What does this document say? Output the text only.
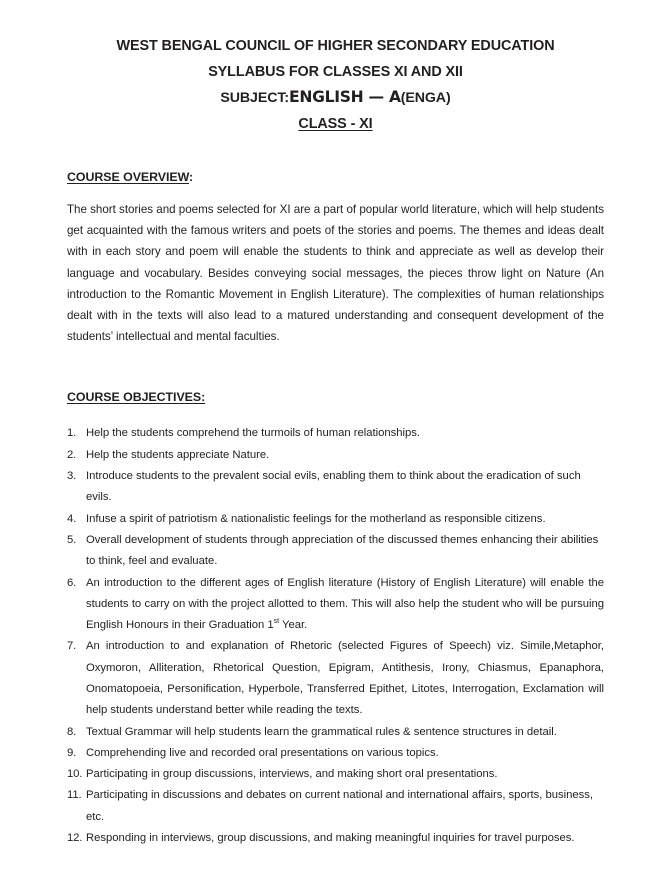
WEST BENGAL COUNCIL OF HIGHER SECONDARY EDUCATION
SYLLABUS FOR CLASSES XI AND XII
SUBJECT:ENGLISH — A(ENGA)
CLASS - XI
COURSE OVERVIEW:
The short stories and poems selected for XI are a part of popular world literature, which will help students get acquainted with the famous writers and poets of the stories and poems. The themes and ideas dealt with in each story and poem will enable the students to think and appreciate as well as develop their language and vocabulary. Besides conveying social messages, the pieces throw light on Nature (An introduction to the Romantic Movement in English Literature). The complexities of human relationships dealt with in the texts will also lead to a matured understanding and consequent development of the students’ intellectual and mental faculties.
COURSE OBJECTIVES:
1. Help the students comprehend the turmoils of human relationships.
2. Help the students appreciate Nature.
3. Introduce students to the prevalent social evils, enabling them to think about the eradication of such evils.
4. Infuse a spirit of patriotism & nationalistic feelings for the motherland as responsible citizens.
5. Overall development of students through appreciation of the discussed themes enhancing their abilities to think, feel and evaluate.
6. An introduction to the different ages of English literature (History of English Literature) will enable the students to carry on with the project allotted to them. This will also help the student who will be pursuing English Honours in their Graduation 1st Year.
7. An introduction to and explanation of Rhetoric (selected Figures of Speech) viz. Simile,Metaphor, Oxymoron, Alliteration, Rhetorical Question, Epigram, Antithesis, Irony, Chiasmus, Epanaphora, Onomatopoeia, Personification, Hyperbole, Transferred Epithet, Litotes, Interrogation, Exclamation will help students understand better while reading the texts.
8. Textual Grammar will help students learn the grammatical rules & sentence structures in detail.
9. Comprehending live and recorded oral presentations on various topics.
10. Participating in group discussions, interviews, and making short oral presentations.
11. Participating in discussions and debates on current national and international affairs, sports, business, etc.
12. Responding in interviews, group discussions, and making meaningful inquiries for travel purposes.
